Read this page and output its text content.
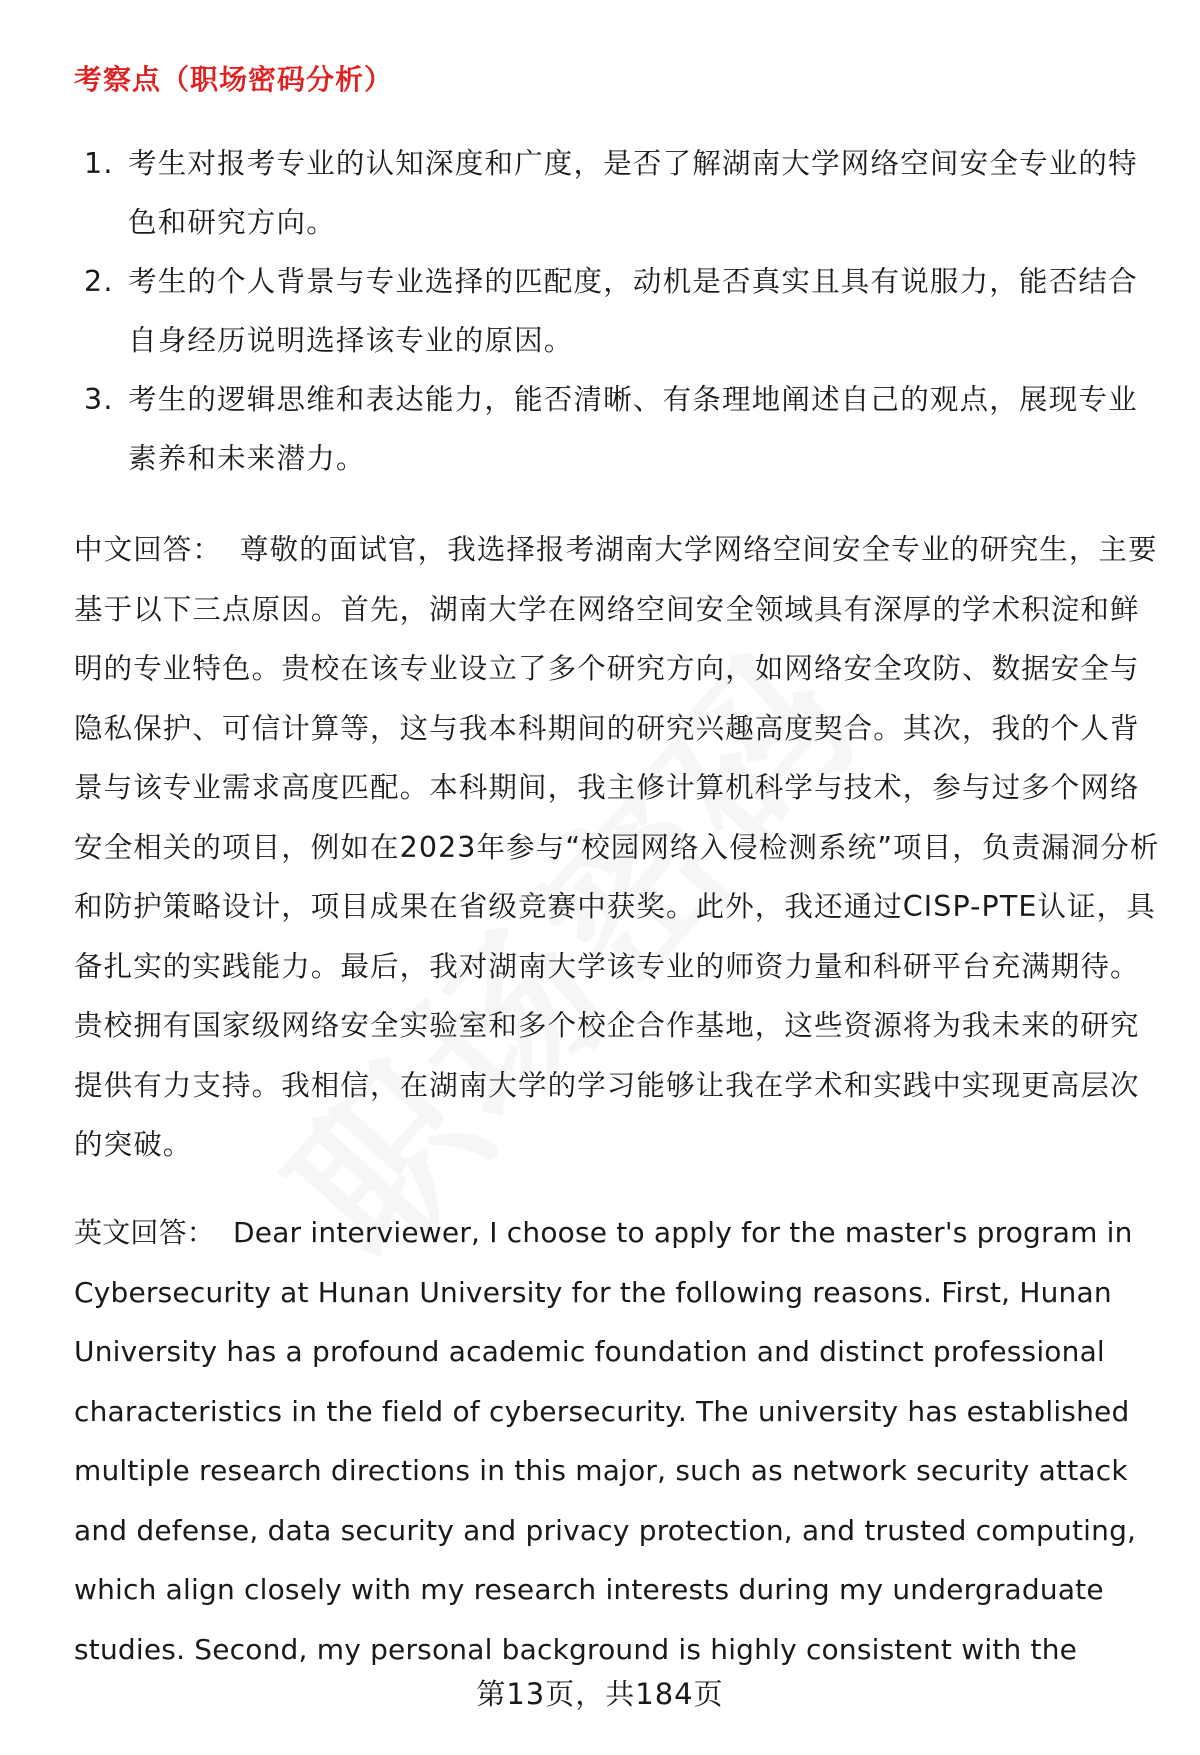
考察点（职场密码分析）
1. 考生对报考专业的认知深度和广度，是否了解湖南大学网络空间安全专业的特色和研究方向。
2. 考生的个人背景与专业选择的匹配度，动机是否真实且具有说服力，能否结合自身经历说明选择该专业的原因。
3. 考生的逻辑思维和表达能力，能否清晰、有条理地阐述自己的观点，展现专业素养和未来潜力。

中文回答： 尊敬的面试官，我选择报考湖南大学网络空间安全专业的研究生，主要基于以下三点原因。首先，湖南大学在网络空间安全领域具有深厚的学术积淀和鲜明的专业特色。贵校在该专业设立了多个研究方向，如网络安全攻防、数据安全与隐私保护、可信计算等，这与我本科期间的研究兴趣高度契合。其次，我的个人背景与该专业需求高度匹配。本科期间，我主修计算机科学与技术，参与过多个网络安全相关的项目，例如在2023年参与“校园网络入侵检测系统”项目，负责漏洞分析和防护策略设计，项目成果在省级竞赛中获奖。此外，我还通过CISP-PTE认证，具备扎实的实践能力。最后，我对湖南大学该专业的师资力量和科研平台充满期待。贵校拥有国家级网络安全实验室和多个校企合作基地，这些资源将为我未来的研究提供有力支持。我相信，在湖南大学的学习能够让我在学术和实践中实现更高层次的突破。

英文回答： Dear interviewer, I choose to apply for the master's program in Cybersecurity at Hunan University for the following reasons. First, Hunan University has a profound academic foundation and distinct professional characteristics in the field of cybersecurity. The university has established multiple research directions in this major, such as network security attack and defense, data security and privacy protection, and trusted computing, which align closely with my research interests during my undergraduate studies. Second, my personal background is highly consistent with the

第13页，共184页
